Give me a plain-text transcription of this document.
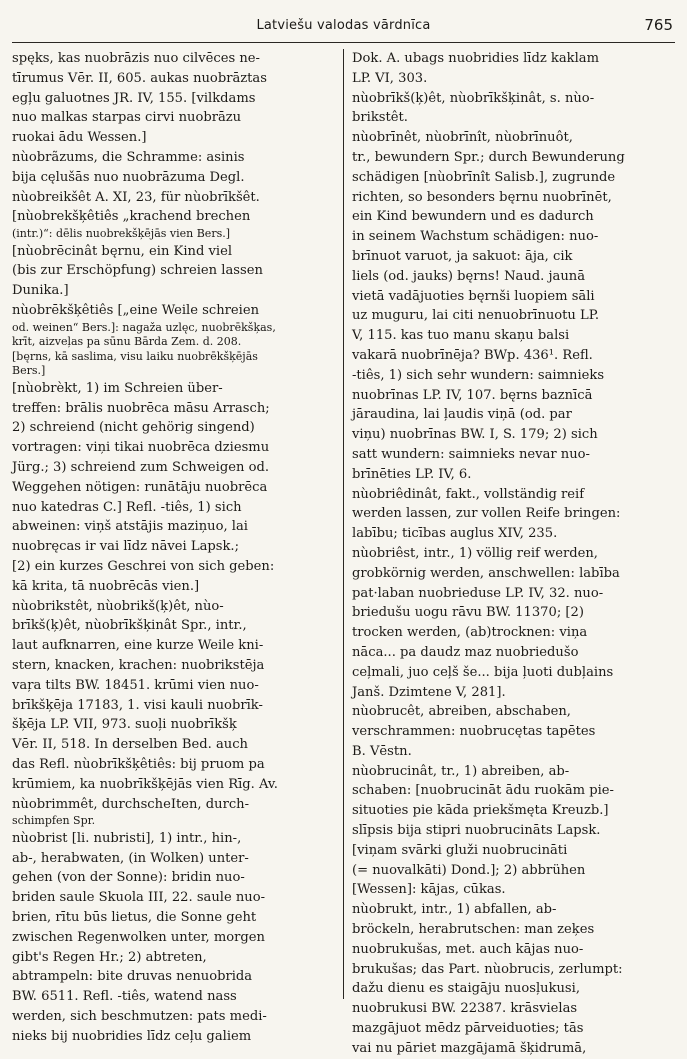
Latviešu valodas vārdnīca	765
spęks, kas nuobrāzis nuo cilvēces ne-
tīrumus Vēr. II, 605. aukas nuobrāztas
egļu galuotnes JR. IV, 155. [vilkdams
nuo malkas starpas cirvi nuobrāzu
ruokai ādu Wessen.]
nùobrãzums, die Schramme: asinis
bija cęlušās nuo nuobrāzuma Degl.
nùobreikšêt A. XI, 23, für nùobrīkšêt.
[nùobrekšķêtiês „krachend brechen
(intr.)“: dēlis nuobrekšķējās vien Bers.]
[nùobrēcinât bęrnu, ein Kind viel
(bis zur Erschöpfung) schreien lassen
Dunika.]
nùobrēkšķêtiês [„eine Weile schreien
od. weinen“ Bers.]: nagaža uzlęc, nuobrēkšķas,
krīt, aizveļas pa sūnu Bārda Zem. d. 208.
[bęrns, kā saslima, visu laiku nuobrēkšķējās
Bers.]
[nùobrèkt, 1) im Schreien über-
treffen: brālis nuobrēca māsu Arrasch;
2) schreiend (nicht gehörig singend)
vortragen: viņi tikai nuobrēca dziesmu
Jürg.; 3) schreiend zum Schweigen od.
Weggehen nötigen: runātāju nuobrēca
nuo katedras C.] Refl. -tiês, 1) sich
abweinen: viņš atstājis maziņuo, lai
nuobręcas ir vai līdz nāvei Lapsk.;
[2) ein kurzes Geschrei von sich geben:
kā krita, tā nuobrēcās vien.]
nùobrikstêt, nùobrikš(ķ)êt, nùo-
brīkš(ķ)êt, nùobrīkšķinât Spr., intr.,
laut aufknarren, eine kurze Weile kni-
stern, knacken, krachen: nuobrikstēja
vaŗa tilts BW. 18451. krūmi vien nuo-
brīkšķēja 17183, 1. visi kauli nuobrīk-
šķēja LP. VII, 973. suoļi nuobrīkšķ
Vēr. II, 518. In derselben Bed. auch
das Refl. nùobrīkšķêtiês: bij pruom pa
krūmiem, ka nuobrīkšķējās vien Rīg. Av.
nùobrimmêt, durchscheIten, durch-
schimpfen Spr.
nùobrist [li. nubristi], 1) intr., hin-,
ab-, herabwaten, (in Wolken) unter-
gehen (von der Sonne): bridin nuo-
briden saule Skuola III, 22. saule nuo-
brien, rītu būs lietus, die Sonne geht
zwischen Regenwolken unter, morgen
gibt's Regen Hr.; 2) abtreten,
abtrampeln: bite druvas nenuobrida
BW. 6511. Refl. -tiês, watend nass
werden, sich beschmutzen: pats medi-
nieks bij nuobridies līdz ceļu galiem
Dok. A. ubags nuobridies līdz kaklam
LP. VI, 303.
nùobrīkš(ķ)êt, nùobrīkšķinât, s. nùo-
brikstêt.
nùobrīnêt, nùobrīnît, nùobrīnuôt,
tr., bewundern Spr.; durch Bewunderung
schädigen [nùobrīnît Salisb.], zugrunde
richten, so besonders bęrnu nuobrīnēt,
ein Kind bewundern und es dadurch
in seinem Wachstum schädigen: nuo-
brīnuot varuot, ja sakuot: āja, cik
liels (od. jauks) bęrns! Naud. jaunā
vietā vadājuoties bęrnši luopiem sāli
uz muguru, lai citi nenuobrīnuotu LP.
V, 115. kas tuo manu skaņu balsi
vakarā nuobrīnēja? BWp. 436¹. Refl.
-tiês, 1) sich sehr wundern: saimnieks
nuobrīnas LP. IV, 107. bęrns baznīcā
jāraudina, lai ļaudis viņā (od. par
viņu) nuobrīnas BW. I, S. 179; 2) sich
satt wundern: saimnieks nevar nuo-
brīnēties LP. IV, 6.
nùobriêdinât, fakt., vollständig reif
werden lassen, zur vollen Reife bringen:
labību; ticības auglus XIV, 235.
nùobriêst, intr., 1) völlig reif werden,
grobkörnig werden, anschwellen: labība
pat·laban nuobrieduse LP. IV, 32. nuo-
briedušu uogu rāvu BW. 11370; [2)
trocken werden, (ab)trocknen: viņa
nāca... pa daudz maz nuobriedušo
ceļmali, juo ceļš še... bija ļuoti dubļains
Janš. Dzimtene V, 281].
nùobrucêt, abreiben, abschaben,
verschrammen: nuobrucętas tapētes
B. Vēstn.
nùobrucinât, tr., 1) abreiben, ab-
schaben: [nuobrucināt ādu ruokām pie-
situoties pie kāda priekšmęta Kreuzb.]
slīpsis bija stipri nuobrucināts Lapsk.
[viņam svārki gluži nuobrucināti
(= nuovalkāti) Dond.]; 2) abbrühen
[Wessen]: kājas, cūkas.
nùobrukt, intr., 1) abfallen, ab-
bröckeln, herabrutschen: man zeķes
nuobrukušas, met. auch kājas nuo-
brukušas; das Part. nùobrucis, zerlumpt:
dažu dienu es staigāju nuosļukusi,
nuobrukusi BW. 22387. krāsvielas
mazgājuot mēdz pārveiduoties; tās
vai nu pāriet mazgājamā šķidrumā,
